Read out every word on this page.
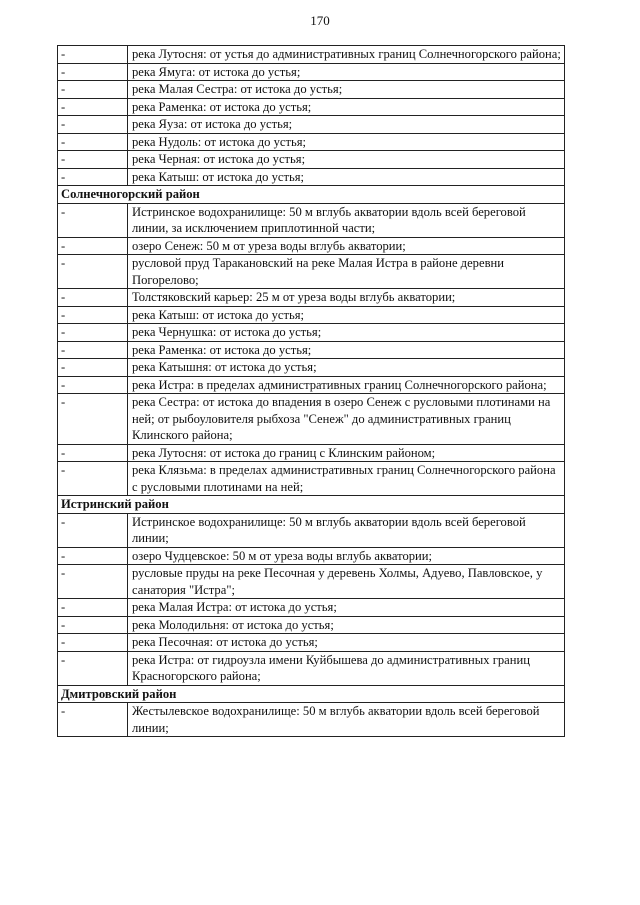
170
-	река Лутосня: от устья до административных границ Солнечногорского района;
-	река Ямуга: от истока до устья;
-	река Малая Сестра: от истока до устья;
-	река Раменка: от истока до устья;
-	река Яуза: от истока до устья;
-	река Нудоль: от истока до устья;
-	река Черная: от истока до устья;
-	река Катыш: от истока до устья;
Солнечногорский район	
-	Истринское водохранилище: 50 м вглубь акватории вдоль всей береговой линии, за исключением приплотинной части;
-	озеро Сенеж: 50 м от уреза воды вглубь акватории;
-	русловой пруд Таракановский на реке Малая Истра в районе деревни Погорелово;
-	Толстяковский карьер: 25 м от уреза воды вглубь акватории;
-	река Катыш: от истока до устья;
-	река Чернушка: от истока до устья;
-	река Раменка: от истока до устья;
-	река Катышня: от истока до устья;
-	река Истра: в пределах административных границ Солнечногорского района;
-	река Сестра: от истока до впадения в озеро Сенеж с русловыми плотинами на ней; от рыбоуловителя рыбхоза "Сенеж" до административных границ Клинского района;
-	река Лутосня: от истока до границ с Клинским районом;
-	река Клязьма: в пределах административных границ Солнечногорского района с русловыми плотинами на ней;
Истринский район	
-	Истринское водохранилище: 50 м вглубь акватории вдоль всей береговой линии;
-	озеро Чудцевское: 50 м от уреза воды вглубь акватории;
-	русловые пруды на реке Песочная у деревень Холмы, Адуево, Павловское, у санатория "Истра";
-	река Малая Истра: от истока до устья;
-	река Молодильня: от истока до устья;
-	река Песочная: от истока до устья;
-	река Истра: от гидроузла имени Куйбышева до административных границ Красногорского района;
Дмитровский район	
-	Жестылевское водохранилище: 50 м вглубь акватории вдоль всей береговой линии;
